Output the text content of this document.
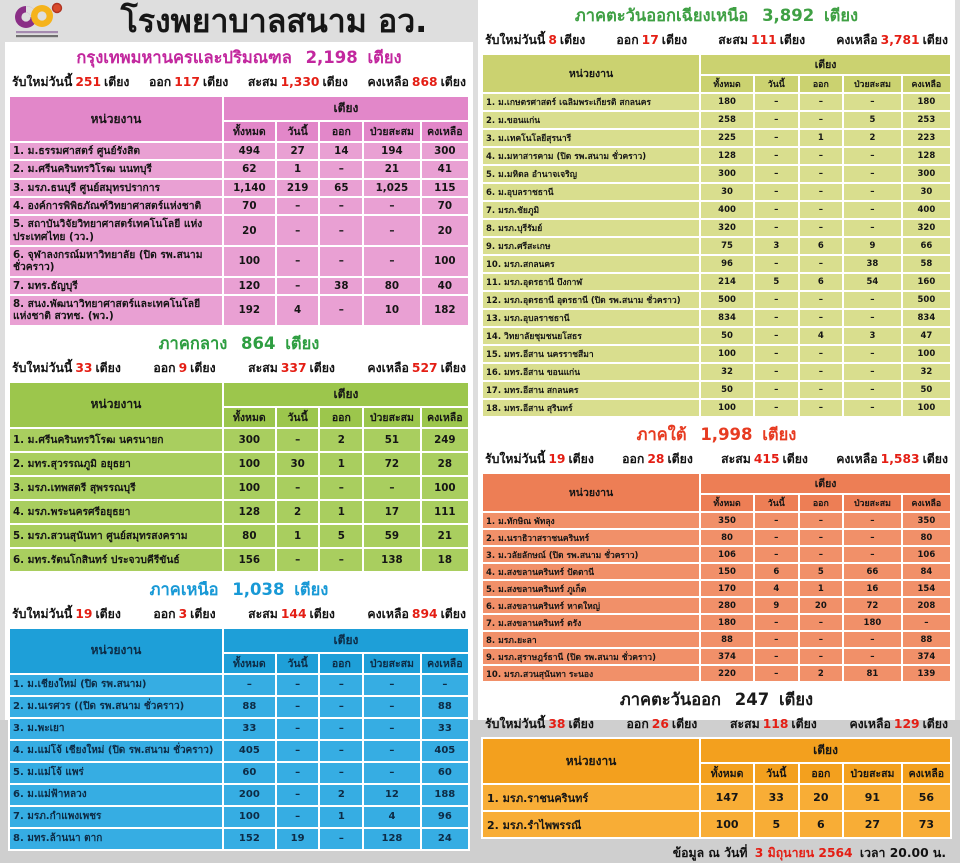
โรงพยาบาลสนาม อว.
กรุงเทพมหานครและปริมณฑล 2,198 เตียง
รับใหม่วันนี้ 251 เตียง ออก 117 เตียง สะสม 1,330 เตียง คงเหลือ 868 เตียง
หน่วยงาน	เตียง				
	ทั้งหมด	วันนี้	ออก	ป่วยสะสม	คงเหลือ
1. ม.ธรรมศาสตร์ ศูนย์รังสิต	494	27	14	194	300
2. ม.ศรีนครินทรวิโรฒ นนทบุรี	62	1	–	21	41
3. มรภ.ธนบุรี ศูนย์สมุทรปราการ	1,140	219	65	1,025	115
4. องค์การพิพิธภัณฑ์วิทยาศาสตร์แห่งชาติ	70	–	–	–	70
5. สถาบันวิจัยวิทยาศาสตร์เทคโนโลยี แห่งประเทศไทย (วว.)	20	–	–	–	20
6. จุฬาลงกรณ์มหาวิทยาลัย (ปิด รพ.สนาม ชั่วคราว)	100	–	–	–	100
7. มทร.ธัญบุรี	120	–	38	80	40
8. สนง.พัฒนาวิทยาศาสตร์และเทคโนโลยี แห่งชาติ สวทช. (พว.)	192	4	–	10	182
ภาคกลาง 864 เตียง
รับใหม่วันนี้ 33 เตียง	ออก 9 เตียง	สะสม 337 เตียง	คงเหลือ 527 เตียง
หน่วยงาน	เตียง				
	ทั้งหมด	วันนี้	ออก	ป่วยสะสม	คงเหลือ
1. ม.ศรีนครินทรวิโรฒ นครนายก	300	–	2	51	249
2. มทร.สุวรรณภูมิ อยุธยา	100	30	1	72	28
3. มรภ.เทพสตรี สุพรรณบุรี	100	–	–	–	100
4. มรภ.พระนครศรีอยุธยา	128	2	1	17	111
5. มรภ.สวนสุนันทา ศูนย์สมุทรสงคราม	80	1	5	59	21
6. มทร.รัตนโกสินทร์ ประจวบคีรีขันธ์	156	–	–	138	18
ภาคเหนือ 1,038 เตียง
รับใหม่วันนี้ 19 เตียง	ออก 3 เตียง	สะสม 144 เตียง	คงเหลือ 894 เตียง
หน่วยงาน	เตียง				
	ทั้งหมด	วันนี้	ออก	ป่วยสะสม	คงเหลือ
1. ม.เชียงใหม่ (ปิด รพ.สนาม)	–	–	–	–	–
2. ม.นเรศวร ((ปิด รพ.สนาม ชั่วคราว)	88	–	–	–	88
3. ม.พะเยา	33	–	–	–	33
4. ม.แม่โจ้ เชียงใหม่ (ปิด รพ.สนาม ชั่วคราว)	405	–	–	–	405
5. ม.แม่โจ้ แพร่	60	–	–	–	60
6. ม.แม่ฟ้าหลวง	200	–	2	12	188
7. มรภ.กำแพงเพชร	100	–	1	4	96
8. มทร.ล้านนา ตาก	152	19	–	128	24
ภาคตะวันออกเฉียงเหนือ 3,892 เตียง
รับใหม่วันนี้ 8 เตียง	ออก 17 เตียง	สะสม 111 เตียง	คงเหลือ 3,781 เตียง
หน่วยงาน	เตียง				
	ทั้งหมด	วันนี้	ออก	ป่วยสะสม	คงเหลือ
1. ม.เกษตรศาสตร์ เฉลิมพระเกียรติ สกลนคร	180	–	–	–	180
2. ม.ขอนแก่น	258	–	–	5	253
3. ม.เทคโนโลยีสุรนารี	225	–	1	2	223
4. ม.มหาสารคาม (ปิด รพ.สนาม ชั่วคราว)	128	–	–	–	128
5. ม.มหิดล อำนาจเจริญ	300	–	–	–	300
6. ม.อุบลราชธานี	30	–	–	–	30
7. มรภ.ชัยภูมิ	400	–	–	–	400
8. มรภ.บุรีรัมย์	320	–	–	–	320
9. มรภ.ศรีสะเกษ	75	3	6	9	66
10. มรภ.สกลนคร	96	–	–	38	58
11. มรภ.อุดรธานี บึงกาฬ	214	5	6	54	160
12. มรภ.อุดรธานี อุดรธานี (ปิด รพ.สนาม ชั่วคราว)	500	–	–	–	500
13. มรภ.อุบลราชธานี	834	–	–	–	834
14. วิทยาลัยชุมชนยโสธร	50	–	4	3	47
15. มทร.อีสาน นครราชสีมา	100	–	–	–	100
16. มทร.อีสาน ขอนแก่น	32	–	–	–	32
17. มทร.อีสาน สกลนคร	50	–	–	–	50
18. มทร.อีสาน สุรินทร์	100	–	–	–	100
ภาคใต้ 1,998 เตียง
รับใหม่วันนี้ 19 เตียง ออก 28 เตียง สะสม 415 เตียง คงเหลือ 1,583 เตียง
หน่วยงาน	เตียง				
	ทั้งหมด	วันนี้	ออก	ป่วยสะสม	คงเหลือ
1. ม.ทักษิณ พัทลุง	350	–	–	–	350
2. ม.นราธิวาสราชนครินทร์	80	–	–	–	80
3. ม.วลัยลักษณ์ (ปิด รพ.สนาม ชั่วคราว)	106	–	–	–	106
4. ม.สงขลานครินทร์ ปัตตานี	150	6	5	66	84
5. ม.สงขลานครินทร์ ภูเก็ต	170	4	1	16	154
6. ม.สงขลานครินทร์ หาดใหญ่	280	9	20	72	208
7. ม.สงขลานครินทร์ ตรัง	180	–	–	180	–
8. มรภ.ยะลา	88	–	–	–	88
9. มรภ.สุราษฎร์ธานี (ปิด รพ.สนาม ชั่วคราว)	374	–	–	–	374
10. มรภ.สวนสุนันทา ระนอง	220	–	2	81	139
ภาคตะวันออก 247 เตียง
รับใหม่วันนี้ 38 เตียง	ออก 26 เตียง	สะสม 118 เตียง	คงเหลือ 129 เตียง
หน่วยงาน	เตียง				
	ทั้งหมด	วันนี้	ออก	ป่วยสะสม	คงเหลือ
1. มรภ.ราชนครินทร์	147	33	20	91	56
2. มรภ.รำไพพรรณี	100	5	6	27	73
ข้อมูล ณ วันที่ 3 มิถุนายน 2564 เวลา 20.00 น.
